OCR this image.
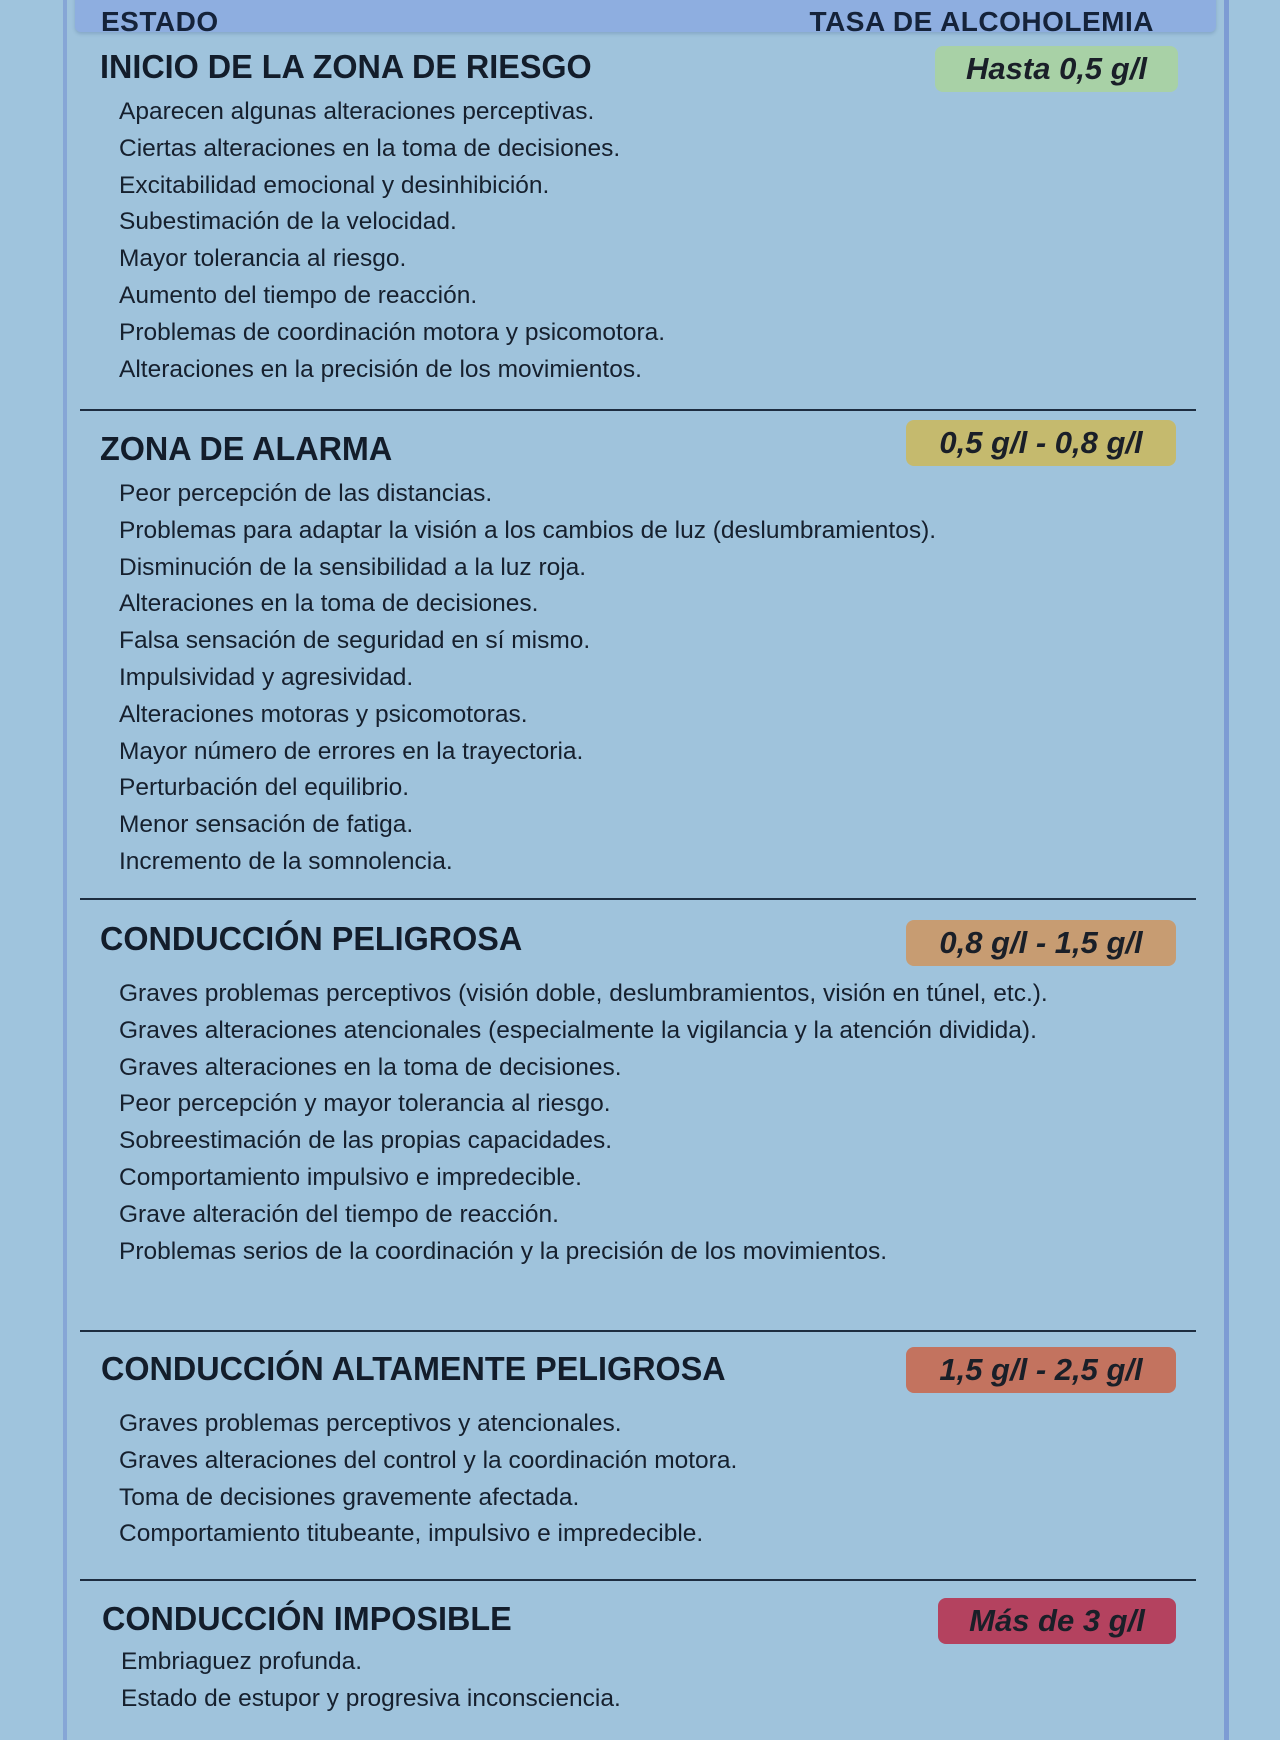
ESTADO	TASA DE ALCOHOLEMIA
INICIO DE LA ZONA DE RIESGO	Hasta 0,5 g/l
Aparecen algunas alteraciones perceptivas.
Ciertas alteraciones en la toma de decisiones.
Excitabilidad emocional y desinhibición.
Subestimación de la velocidad.
Mayor tolerancia al riesgo.
Aumento del tiempo de reacción.
Problemas de coordinación motora y psicomotora.
Alteraciones en la precisión de los movimientos.
ZONA DE ALARMA	0,5 g/l - 0,8 g/l
Peor percepción de las distancias.
Problemas para adaptar la visión a los cambios de luz (deslumbramientos).
Disminución de la sensibilidad a la luz roja.
Alteraciones en la toma de decisiones.
Falsa sensación de seguridad en sí mismo.
Impulsividad y agresividad.
Alteraciones motoras y psicomotoras.
Mayor número de errores en la trayectoria.
Perturbación del equilibrio.
Menor sensación de fatiga.
Incremento de la somnolencia.
CONDUCCIÓN PELIGROSA	0,8 g/l - 1,5 g/l
Graves problemas perceptivos (visión doble, deslumbramientos, visión en túnel, etc.).
Graves alteraciones atencionales (especialmente la vigilancia y la atención dividida).
Graves alteraciones en la toma de decisiones.
Peor percepción y mayor tolerancia al riesgo.
Sobreestimación de las propias capacidades.
Comportamiento impulsivo e impredecible.
Grave alteración del tiempo de reacción.
Problemas serios de la coordinación y la precisión de los movimientos.
CONDUCCIÓN ALTAMENTE PELIGROSA	1,5 g/l - 2,5 g/l
Graves problemas perceptivos y atencionales.
Graves alteraciones del control y la coordinación motora.
Toma de decisiones gravemente afectada.
Comportamiento titubeante, impulsivo e impredecible.
CONDUCCIÓN IMPOSIBLE	Más de 3 g/l
Embriaguez profunda.
Estado de estupor y progresiva inconsciencia.
